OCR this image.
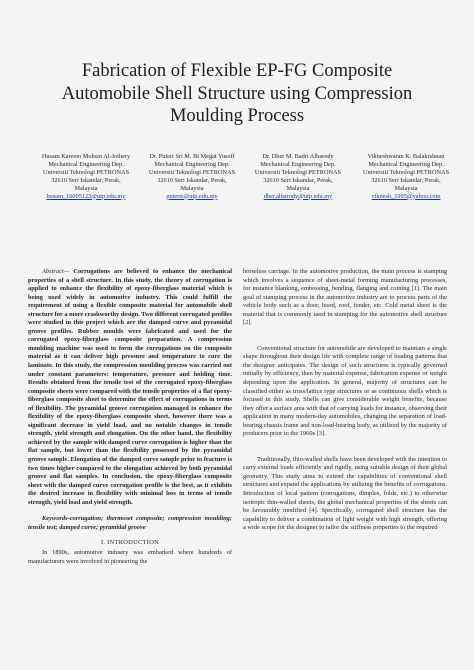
Fabrication of Flexible EP-FG Composite
Automobile Shell Structure using Compression
Moulding Process
Husam Kareem Mohsin Al-Jothery
Mechanical Engineering Dep.
Universiti Teknologi PETRONAS
32610 Seri Iskandar, Perak,
Malaysia
husam_16005123@utp.edu.my
Dr. Puteri Sri M. Bt Megat Yusoff
Mechanical Engineering Dep.
Universiti Teknologi PETRONAS
32610 Seri Iskandar, Perak,
Malaysia
puteris@utp.edu.my
Dr. Dher M. Badri Albarody
Mechanical Engineering Dep.
Universiti Teknologi PETRONAS
32610 Seri Iskandar, Perak,
Malaysia
dher.albarody@utp.edu.my
Vikneshwaran K. Balakrshnan
Mechanical Engineering Dep.
Universiti Teknologi PETRONAS
32610 Seri Iskandar, Perak,
Malaysia
viknesh_1995@yahoo.com

Abstract— Corrugations are believed to enhance the mechanical properties of a shell structure. In this study, the theory of corrugation is applied to enhance the flexibility of epoxy-fiberglass material which is being used widely in automotive industry. This could fulfill the requirement of using a flexible composite material for automobile shell structure for a more crashworthy design. Two different corrugated profiles were studied in this project which are the damped curve and pyramidal groove profiles. Rubber moulds were fabricated and used for the corrugated epoxy-fiberglass composite preparation. A compression moulding machine was used to form the corrugations on the composite material as it can deliver high pressure and temperature to cure the laminate. In this study, the compression moulding process was carried out under constant parameters: temperature, pressure and holding time. Results obtained from the tensile test of the corrugated epoxy-fiberglass composite sheets were compared with the tensile properties of a flat epoxy-fiberglass composite sheet to determine the effect of corrugations in terms of flexibility. The pyramidal groove corrugation managed to enhance the flexibility of the epoxy-fiberglass composite sheet, however there was a significant decrease in yield load, and no notable changes in tensile strength, yield strength and elongation. On the other hand, the flexibility achieved by the sample with damped curve corrugation is higher than the flat sample, but lower than the flexibility possessed by the pyramidal groove sample. Elongation of the damped curve sample prior to fracture is two times higher compared to the elongation achieved by both pyramidal groove and flat samples. In conclusion, the epoxy-fiberglass composite sheet with the damped curve corrugation profile is the best, as it exhibits the desired increase in flexibility with minimal loss in terms of tensile strength, yield load and yield strength.

Keywords-corrugation; thermoset composite; compression moulding; tensile test; damped curve; pyramidal groove

I. INTRODUCTION

In 1890s, automotive industry was embarked where hundreds of manufacturers were involved in pioneering the

horseless carriage. In the automotive production, the main process is stamping which involves a sequence of sheet-metal forming manufacturing processes, for instance blanking, embossing, bending, flanging and coining [1]. The main goal of stamping process in the automotive industry are to process parts of the vehicle body such as a door, hood, roof, fender, etc. Cold metal sheet is the material that is commonly used in stamping for the automotive shell structure [2].

Conventional structure for automobile are developed to maintain a single shape throughout their design life with complete range of loading patterns that the designer anticipates. The design of such structures is typically governed initially by efficiency, then by material expense, fabrication expense or weight depending upon the application. In general, majority of structures can be classified either as truss/lattice type structures or as continuous shells which is focused in this study. Shells can give considerable weight benefits, because they offer a surface area with that of carrying loads for instance, observing their application in many modern-day automobiles, changing the separation of load-bearing chassis frame and non-load-bearing body, as utilized by the majority of producers prior to the 1960s [3].

Traditionally, thin-walled shells have been developed with the intention to carry external loads efficiently and rigidly, using suitable design of their global geometry. This study aims to extend the capabilities of conventional shell structures and expand the applications by utilizing the benefits of corrugations. Introduction of local pattern (corrugations, dimples, folds, etc.) to otherwise isotropic thin-walled sheets, the global mechanical properties of the sheets can be favourably modified [4]. Specifically, corrugated shell structure has the capability to deliver a combination of light weight with high strength, offering a wide scope for the designer to tailor the stiffness properties to the required
